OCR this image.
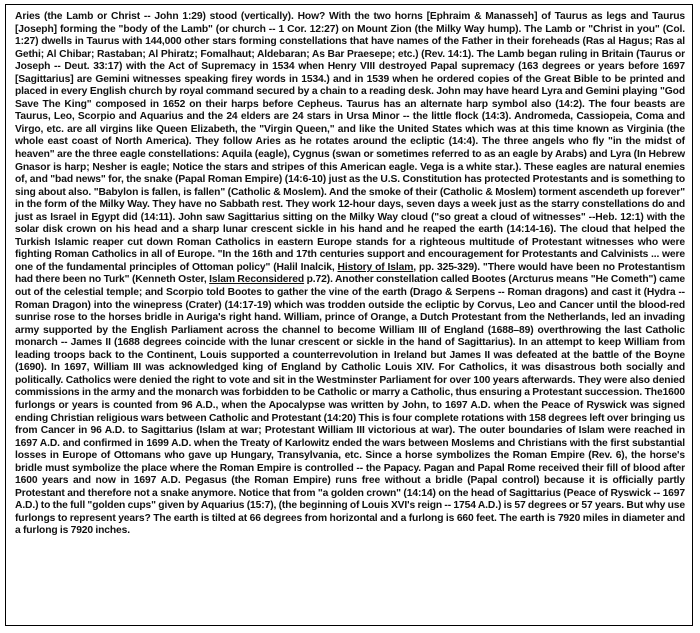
Aries (the Lamb or Christ -- John 1:29) stood (vertically). How? With the two horns [Ephraim & Manasseh] of Taurus as legs and Taurus [Joseph] forming the "body of the Lamb" (or church -- 1 Cor. 12:27) on Mount Zion (the Milky Way hump). The Lamb or "Christ in you" (Col. 1:27) dwells in Taurus with 144,000 other stars forming constellations that have names of the Father in their foreheads (Ras al Hagus; Ras al Gethi; Al Chibar; Rastaban; Al Phiratz; Fomalhaut; Aldebaran; As Bar Praesepe; etc.) (Rev. 14:1). The Lamb began ruling in Britain (Taurus or Joseph -- Deut. 33:17) with the Act of Supremacy in 1534 when Henry VIII destroyed Papal supremacy (163 degrees or years before 1697 [Sagittarius] are Gemini witnesses speaking firey words in 1534.) and in 1539 when he ordered copies of the Great Bible to be printed and placed in every English church by royal command secured by a chain to a reading desk. John may have heard Lyra and Gemini playing "God Save The King" composed in 1652 on their harps before Cepheus. Taurus has an alternate harp symbol also (14:2). The four beasts are Taurus, Leo, Scorpio and Aquarius and the 24 elders are 24 stars in Ursa Minor -- the little flock (14:3). Andromeda, Cassiopeia, Coma and Virgo, etc. are all virgins like Queen Elizabeth, the "Virgin Queen," and like the United States which was at this time known as Virginia (the whole east coast of North America). They follow Aries as he rotates around the ecliptic (14:4). The three angels who fly "in the midst of heaven" are the three eagle constellations: Aquila (eagle), Cygnus (swan or sometimes referred to as an eagle by Arabs) and Lyra (In Hebrew Gnasor is harp; Nesher is eagle; Notice the stars and stripes of this American eagle. Vega is a white star.). These eagles are natural enemies of, and "bad news" for, the snake (Papal Roman Empire) (14:6-10) just as the U.S. Constitution has protected Protestants and is something to sing about also. "Babylon is fallen, is fallen" (Catholic & Moslem). And the smoke of their (Catholic & Moslem) torment ascendeth up forever" in the form of the Milky Way. They have no Sabbath rest. They work 12-hour days, seven days a week just as the starry constellations do and just as Israel in Egypt did (14:11). John saw Sagittarius sitting on the Milky Way cloud ("so great a cloud of witnesses" --Heb. 12:1) with the solar disk crown on his head and a sharp lunar crescent sickle in his hand and he reaped the earth (14:14-16). The cloud that helped the Turkish Islamic reaper cut down Roman Catholics in eastern Europe stands for a righteous multitude of Protestant witnesses who were fighting Roman Catholics in all of Europe. "In the 16th and 17th centuries support and encouragement for Protestants and Calvinists ... were one of the fundamental principles of Ottoman policy" (Halil Inalcik, History of Islam, pp. 325-329). "There would have been no Protestantism had there been no Turk" (Kenneth Oster, Islam Reconsidered p.72). Another constellation called Bootes (Arcturus means "He Cometh") came out of the celestial temple; and Scorpio told Bootes to gather the vine of the earth (Drago & Serpens -- Roman dragons) and cast it (Hydra -- Roman Dragon) into the winepress (Crater) (14:17-19) which was trodden outside the ecliptic by Corvus, Leo and Cancer until the blood-red sunrise rose to the horses bridle in Auriga's right hand. William, prince of Orange, a Dutch Protestant from the Netherlands, led an invading army supported by the English Parliament across the channel to become William III of England (1688–89) overthrowing the last Catholic monarch -- James II (1688 degrees coincide with the lunar crescent or sickle in the hand of Sagittarius). In an attempt to keep William from leading troops back to the Continent, Louis supported a counterrevolution in Ireland but James II was defeated at the battle of the Boyne (1690). In 1697, William III was acknowledged king of England by Catholic Louis XIV. For Catholics, it was disastrous both socially and politically. Catholics were denied the right to vote and sit in the Westminster Parliament for over 100 years afterwards. They were also denied commissions in the army and the monarch was forbidden to be Catholic or marry a Catholic, thus ensuring a Protestant succession. The1600 furlongs or years is counted from 96 A.D., when the Apocalypse was written by John, to 1697 A.D. when the Peace of Ryswick was signed ending Christian religious wars between Catholic and Protestant (14:20) This is four complete rotations with 158 degrees left over bringing us from Cancer in 96 A.D. to Sagittarius (Islam at war; Protestant William III victorious at war). The outer boundaries of Islam were reached in 1697 A.D. and confirmed in 1699 A.D. when the Treaty of Karlowitz ended the wars between Moslems and Christians with the first substantial losses in Europe of Ottomans who gave up Hungary, Transylvania, etc. Since a horse symbolizes the Roman Empire (Rev. 6), the horse's bridle must symbolize the place where the Roman Empire is controlled -- the Papacy. Pagan and Papal Rome received their fill of blood after 1600 years and now in 1697 A.D. Pegasus (the Roman Empire) runs free without a bridle (Papal control) because it is officially partly Protestant and therefore not a snake anymore. Notice that from "a golden crown" (14:14) on the head of Sagittarius (Peace of Ryswick -- 1697 A.D.) to the full "golden cups" given by Aquarius (15:7), (the beginning of Louis XVI's reign -- 1754 A.D.) is 57 degrees or 57 years. But why use furlongs to represent years? The earth is tilted at 66 degrees from horizontal and a furlong is 660 feet. The earth is 7920 miles in diameter and a furlong is 7920 inches.
